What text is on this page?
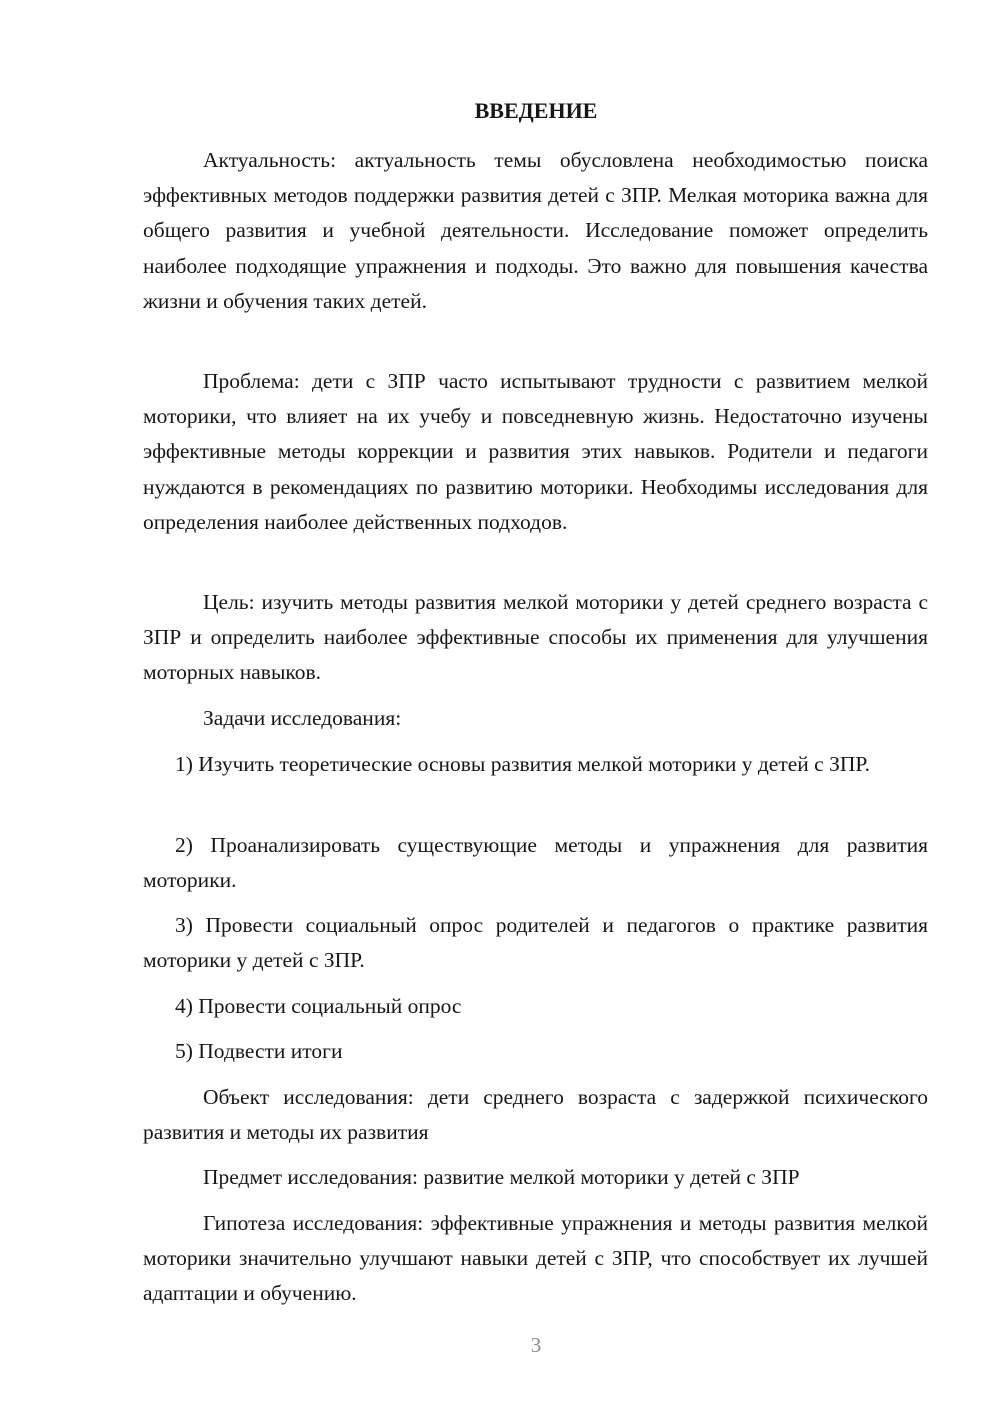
ВВЕДЕНИЕ
Актуальность: актуальность темы обусловлена необходимостью поиска эффективных методов поддержки развития детей с ЗПР. Мелкая моторика важна для общего развития и учебной деятельности. Исследование поможет определить наиболее подходящие упражнения и подходы. Это важно для повышения качества жизни и обучения таких детей.
Проблема: дети с ЗПР часто испытывают трудности с развитием мелкой моторики, что влияет на их учебу и повседневную жизнь. Недостаточно изучены эффективные методы коррекции и развития этих навыков. Родители и педагоги нуждаются в рекомендациях по развитию моторики. Необходимы исследования для определения наиболее действенных подходов.
Цель: изучить методы развития мелкой моторики у детей среднего возраста с ЗПР и определить наиболее эффективные способы их применения для улучшения моторных навыков.
Задачи исследования:
1) Изучить теоретические основы развития мелкой моторики у детей с ЗПР.
2) Проанализировать существующие методы и упражнения для развития моторики.
3) Провести социальный опрос родителей и педагогов о практике развития моторики у детей с ЗПР.
4) Провести социальный опрос
5) Подвести итоги
Объект исследования: дети среднего возраста с задержкой психического развития и методы их развития
Предмет исследования: развитие мелкой моторики у детей с ЗПР
Гипотеза исследования: эффективные упражнения и методы развития мелкой моторики значительно улучшают навыки детей с ЗПР, что способствует их лучшей адаптации и обучению.
3
